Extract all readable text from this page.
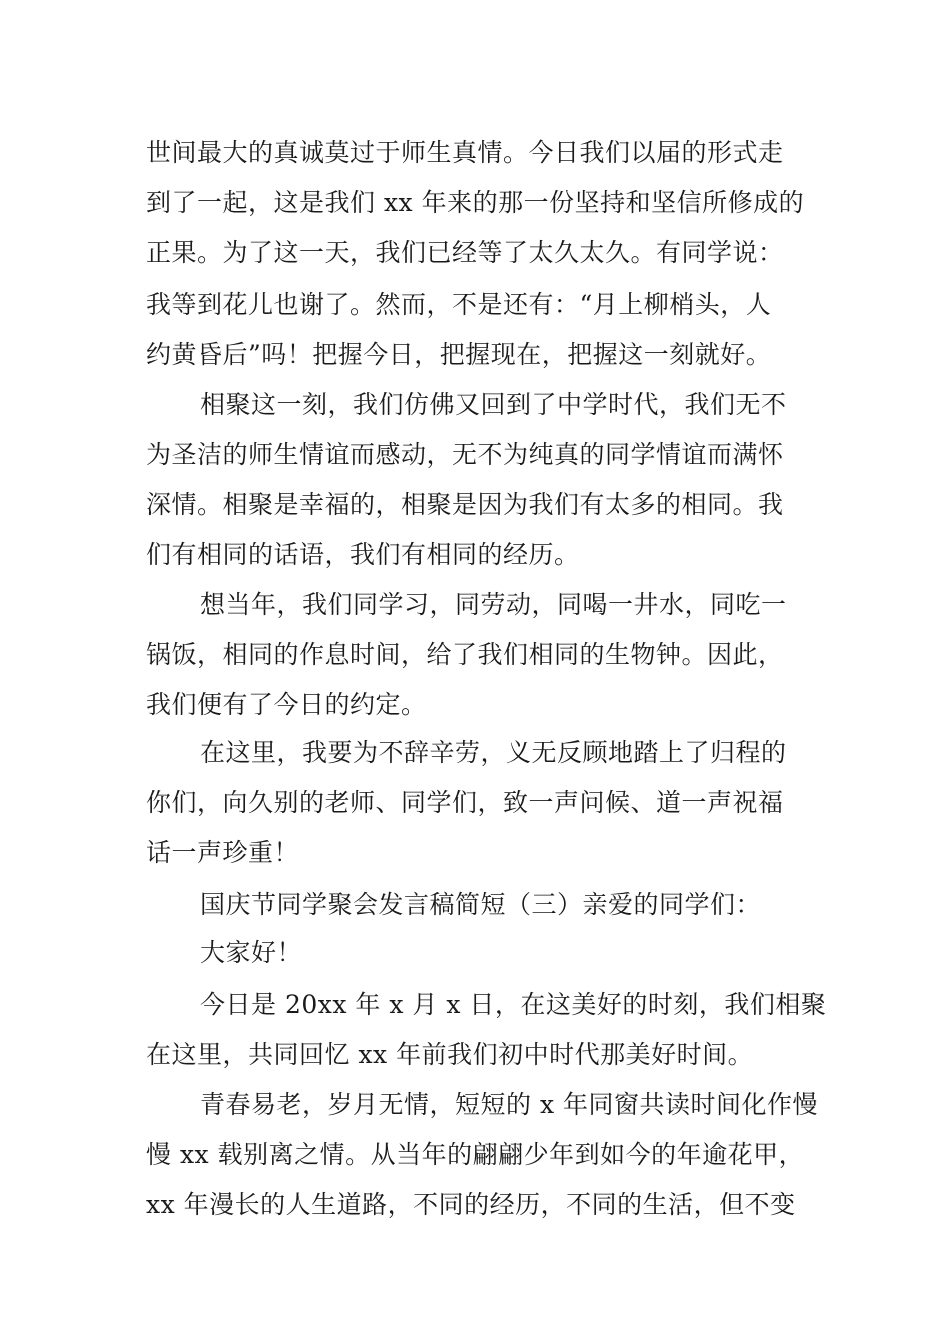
世间最大的真诚莫过于师生真情。今日我们以届的形式走
到了一起，这是我们 xx 年来的那一份坚持和坚信所修成的
正果。为了这一天，我们已经等了太久太久。有同学说：
我等到花儿也谢了。然而，不是还有：“月上柳梢头，人
约黄昏后”吗！把握今日，把握现在，把握这一刻就好。
相聚这一刻，我们仿佛又回到了中学时代，我们无不
为圣洁的师生情谊而感动，无不为纯真的同学情谊而满怀
深情。相聚是幸福的，相聚是因为我们有太多的相同。我
们有相同的话语，我们有相同的经历。
想当年，我们同学习，同劳动，同喝一井水，同吃一
锅饭，相同的作息时间，给了我们相同的生物钟。因此，
我们便有了今日的约定。
在这里，我要为不辞辛劳，义无反顾地踏上了归程的
你们，向久别的老师、同学们，致一声问候、道一声祝福
话一声珍重！
国庆节同学聚会发言稿简短（三）亲爱的同学们：
大家好！
今日是 20xx 年 x 月 x 日，在这美好的时刻，我们相聚
在这里，共同回忆 xx 年前我们初中时代那美好时间。
青春易老，岁月无情，短短的 x 年同窗共读时间化作慢
慢 xx 载别离之情。从当年的翩翩少年到如今的年逾花甲，
xx 年漫长的人生道路，不同的经历，不同的生活，但不变
